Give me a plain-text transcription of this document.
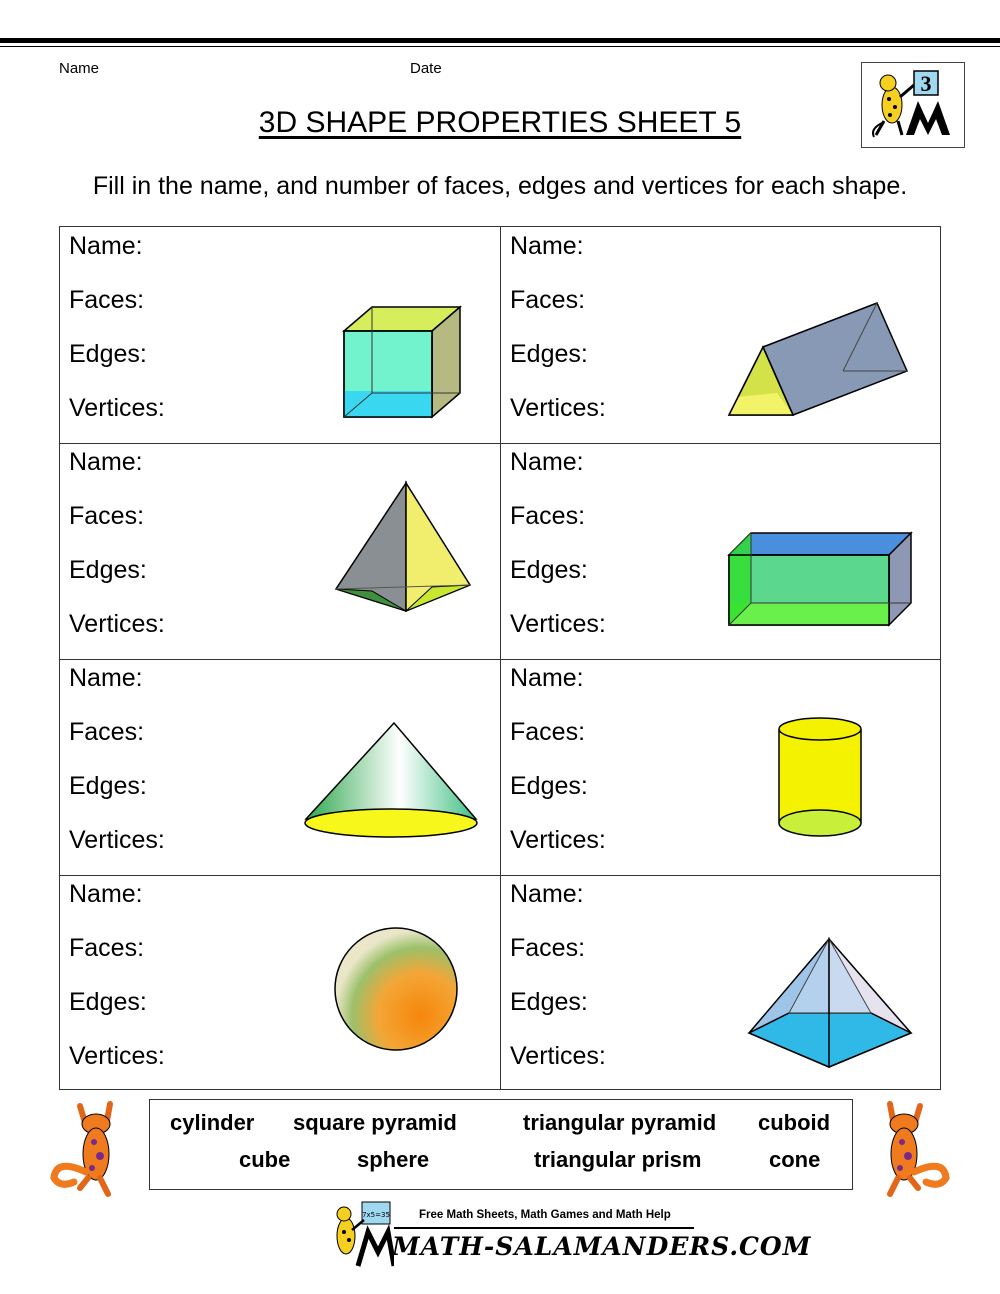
Name	Date
3
3D SHAPE PROPERTIES SHEET 5
Fill in the name, and number of faces, edges and vertices for each shape.
Name:
Faces:
Edges:
Vertices:
Name:
Faces:
Edges:
Vertices:
Name:
Faces:
Edges:
Vertices:
Name:
Faces:
Edges:
Vertices:
Name:
Faces:
Edges:
Vertices:
Name:
Faces:
Edges:
Vertices:
Name:
Faces:
Edges:
Vertices:
Name:
Faces:
Edges:
Vertices:
cylinder square pyramid	triangular pyramid cuboid
cube	sphere	triangular prism	cone
7x5=35	Free Math Sheets, Math Games and Math Help
MATH-SALAMANDERS.COM
